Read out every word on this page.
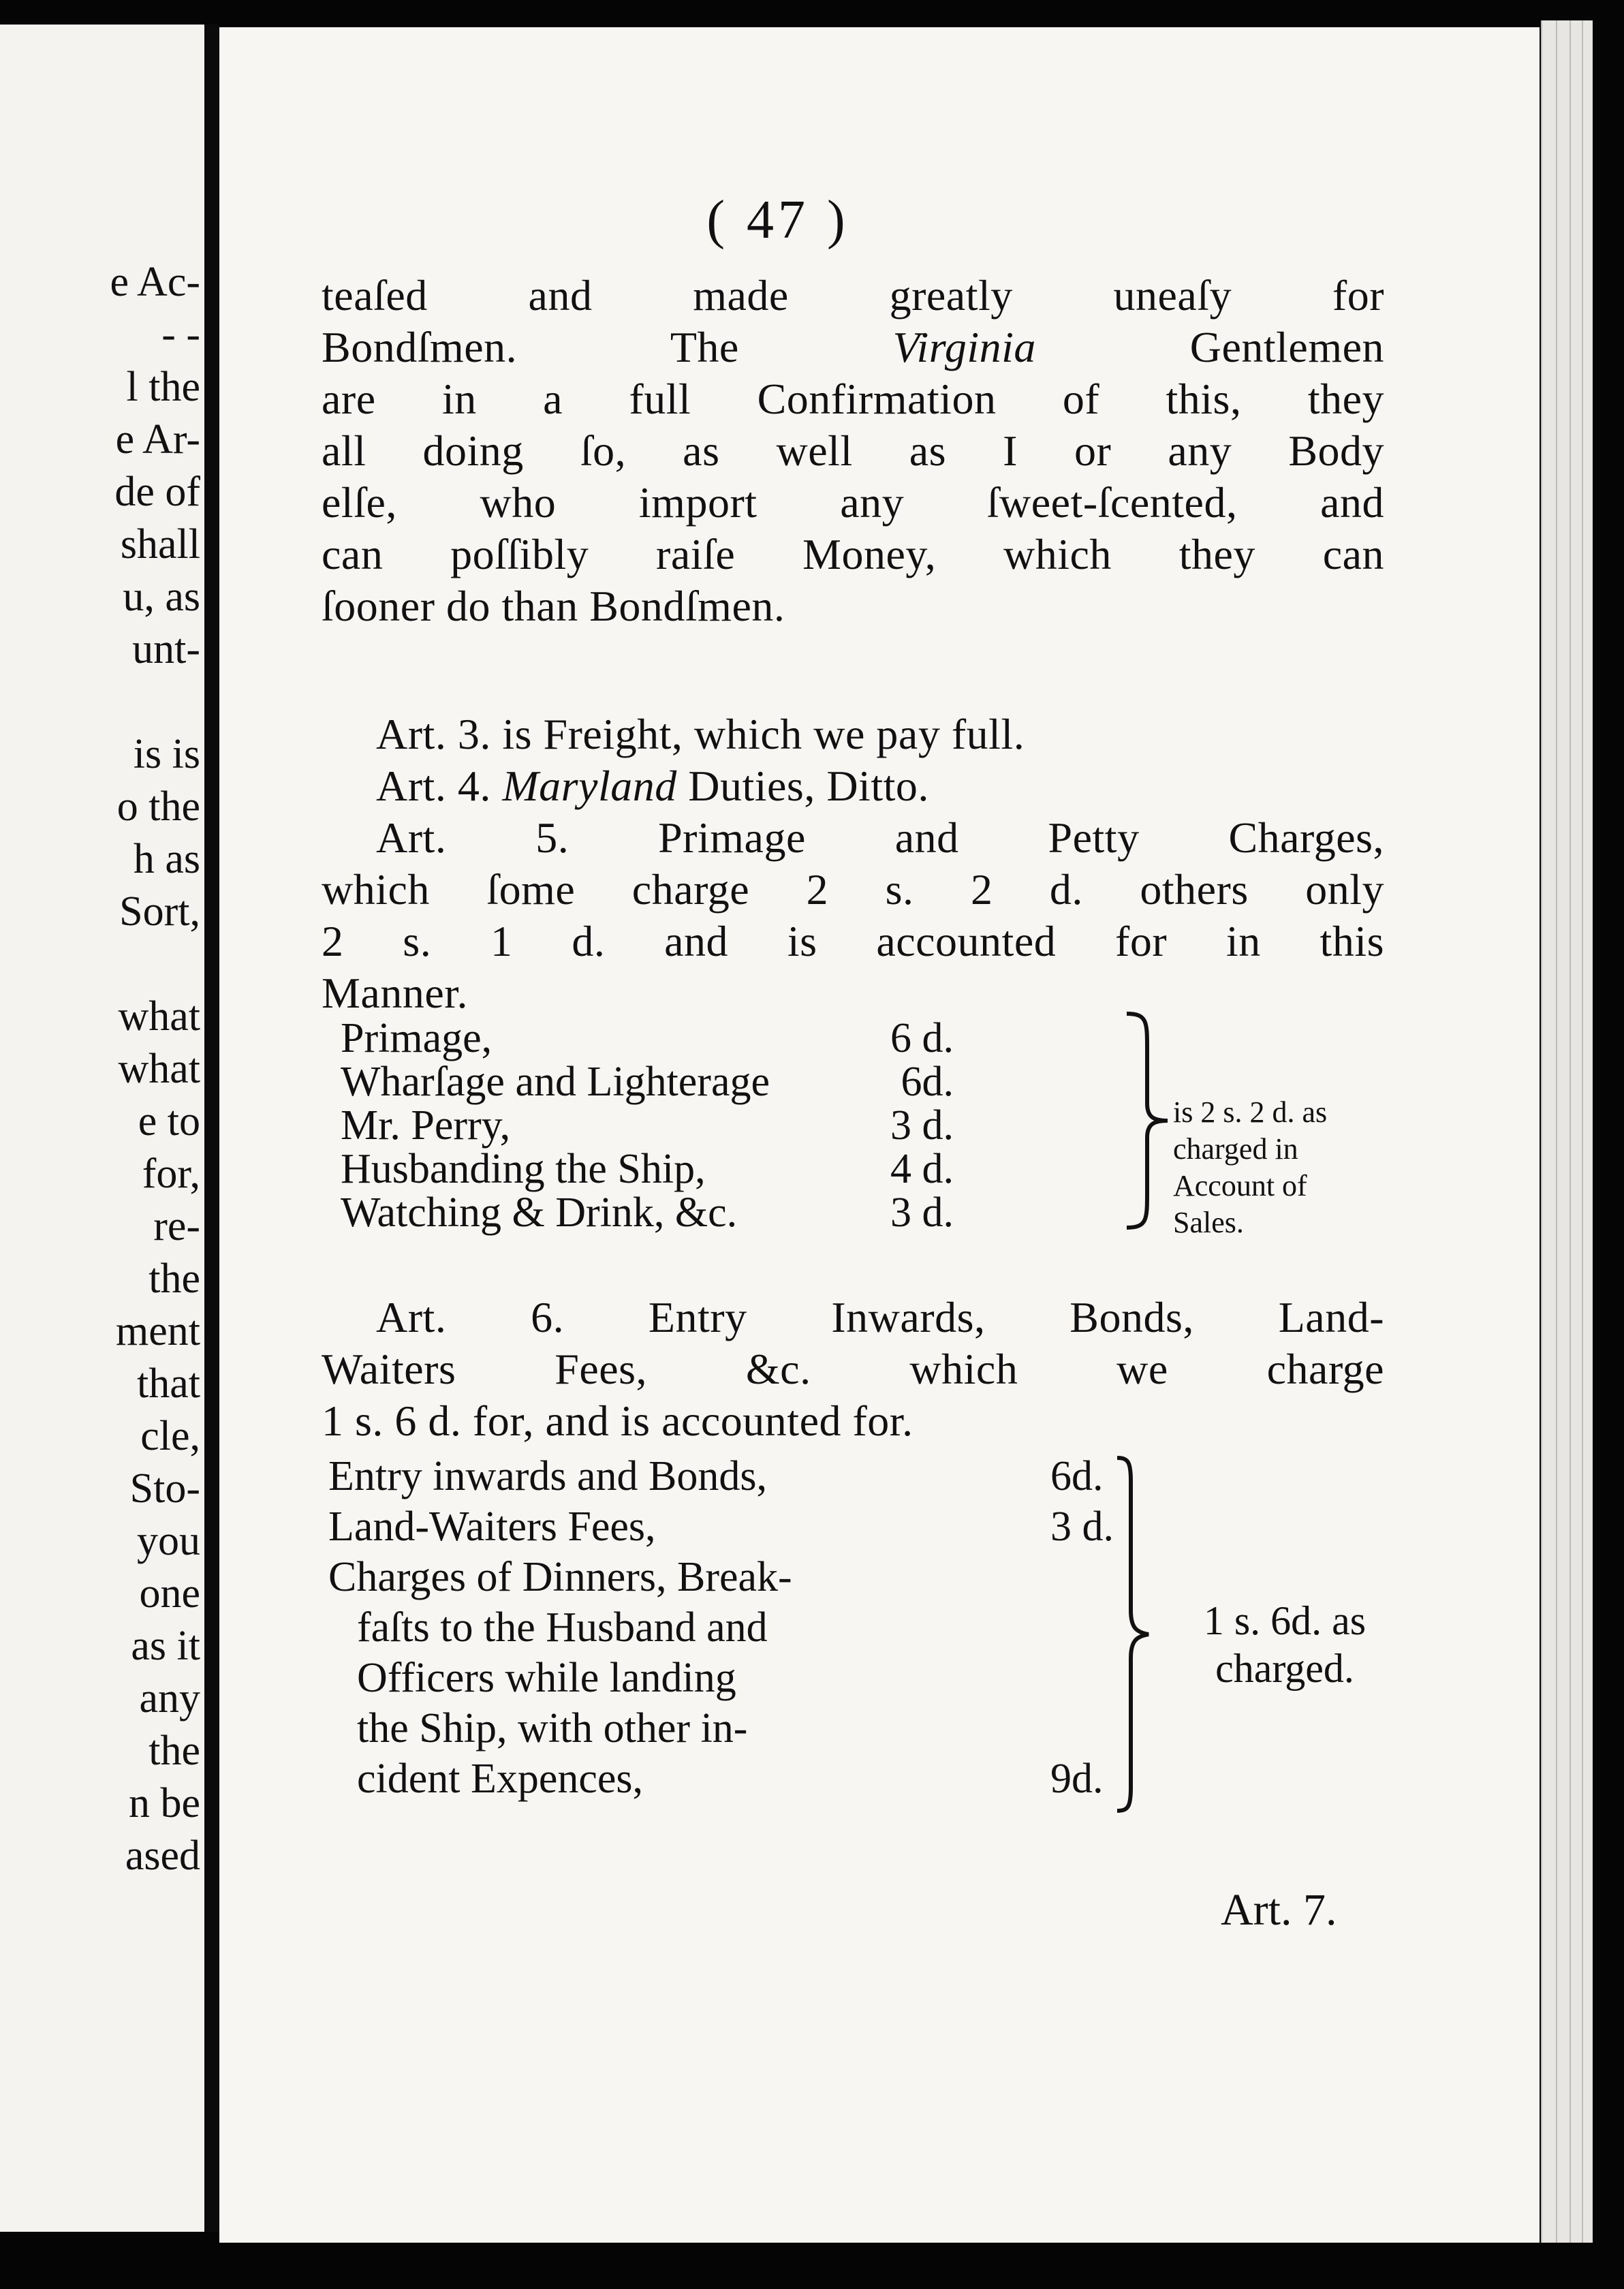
e Ac-
- -
l the
e Ar-
de of
shall
u, as
unt-

is is
o the
h as
Sort,

what
what
e to
for,
re-
the
ment
that
cle,
Sto-
you
one
as it
any
the
n be
ased
( 47 )
teaſed and made greatly uneaſy for
Bondſmen. The Virginia Gentlemen
are in a full Confirmation of this, they
all doing ſo, as well as I or any Body
elſe, who import any ſweet-ſcented, and
can poſſibly raiſe Money, which they can
ſooner do than Bondſmen.
Art. 3. is Freight, which we pay full.
Art. 4. Maryland Duties, Ditto.
Art. 5. Primage and Petty Charges,
which ſome charge 2 s. 2 d. others only
2 s. 1 d. and is accounted for in this
Manner.
Primage,	6 d.
Wharſage and Lighterage	6d.
Mr. Perry,	3 d.
Husbanding the Ship,	4 d.
Watching & Drink, &c.	3 d.
is 2 s. 2 d. as charged in Account of Sales.
Art. 6. Entry Inwards, Bonds, Land-
Waiters Fees, &c. which we charge
1 s. 6 d. for, and is accounted for.
Entry inwards and Bonds,	6d.
Land-Waiters Fees,	3 d.
Charges of Dinners, Break-
faſts to the Husband and
Officers while landing
the Ship, with other in-
cident Expences,	9d.
1 s. 6d. as charged.
Art. 7.
